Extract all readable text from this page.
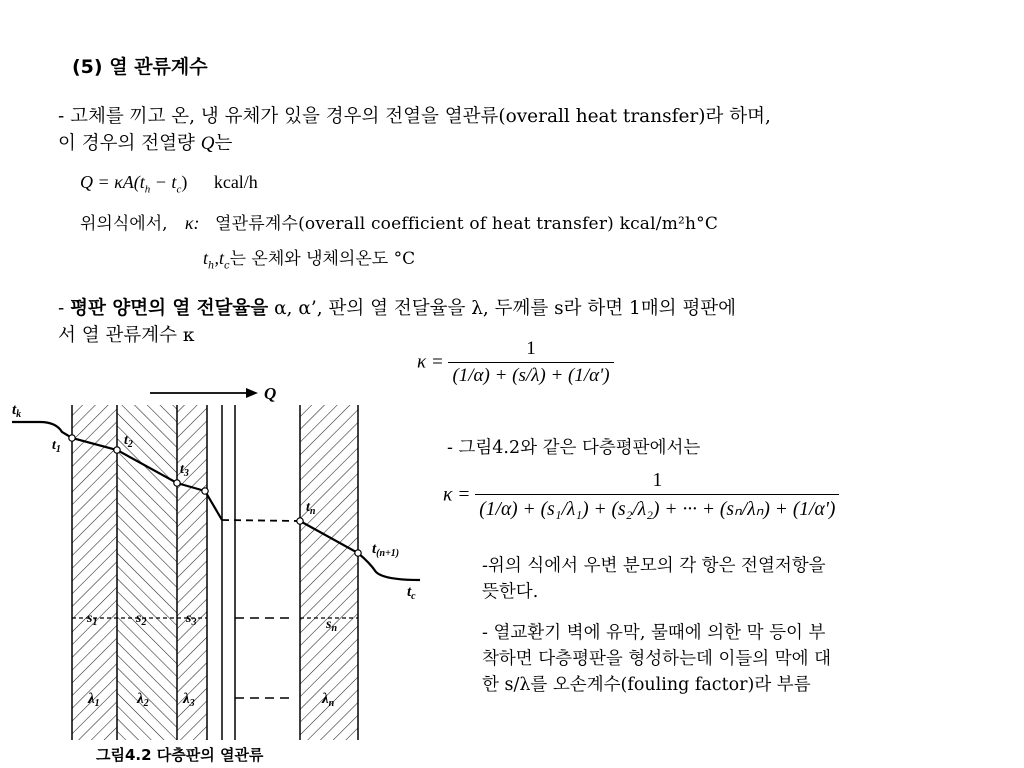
(5) 열 관류계수
- 고체를 끼고 온, 냉 유체가 있을 경우의 전열을 열관류(overall heat transfer)라 하며,
이 경우의 전열량 Q는
$Q = \kappa A(t_h - t_c)$ kcal/h
위의식에서, κ: 열관류계수(overall coefficient of heat transfer) kcal/m²h°C
$t_h,t_c$는 온체와 냉체의온도 °C
- 평판 양면의 열 전달율을 α, α’, 판의 열 전달율을 λ, 두께를 s라 하면 1매의 평판에
서 열 관류계수 κ
$\kappa = \frac{1}{(1/\alpha) + (s/\lambda) + (1/\alpha')}$
- 그림4.2와 같은 다층평판에서는
$\kappa = \frac{1}{\text{(1/α) + (s₁/λ₁) + (s₂/λ₂) + ··· + (sₙ/λₙ) + (1/α')}}$
-위의 식에서 우변 분모의 각 항은 전열저항을
뜻한다.
- 열교환기 벽에 유막, 물때에 의한 막 등이 부
착하면 다층평판을 형성하는데 이들의 막에 대
한 s/λ를 오손계수(fouling factor)라 부름
Q
$t_k$
$t_1$
$t_2$
$t_3$
$t_n$
$t_{(n+1)}$
$t_c$
$s_1$	$s_2$	$s_3$	$s_n$
$\lambda_1$ $\lambda_2$ $\lambda_3$	$\lambda_n$
그림4.2 다층판의 열관류
